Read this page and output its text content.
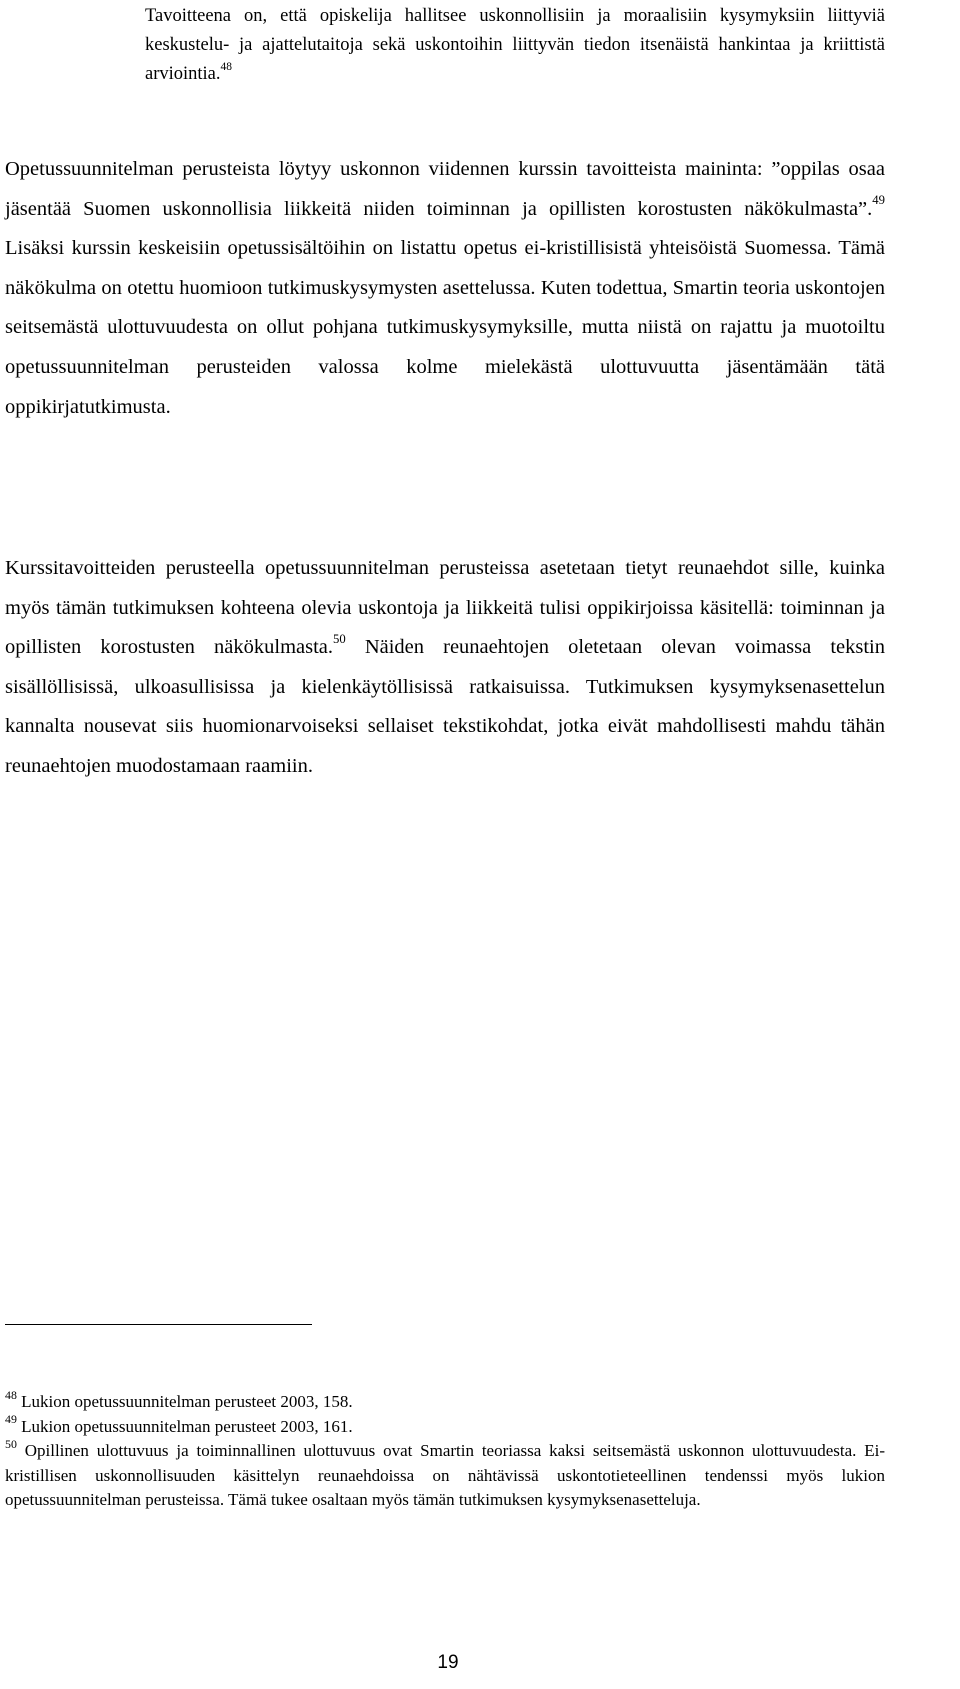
Tavoitteena on, että opiskelija hallitsee uskonnollisiin ja moraalisiin kysymyksiin liittyviä keskustelu- ja ajattelutaitoja sekä uskontoihin liittyvän tiedon itsenäistä hankintaa ja kriittistä arviointia.$^{48}$
Opetussuunnitelman perusteista löytyy uskonnon viidennen kurssin tavoitteista maininta: ”oppilas osaa jäsentää Suomen uskonnollisia liikkeitä niiden toiminnan ja opillisten korostusten näkökulmasta”.$^{49}$ Lisäksi kurssin keskeisiin opetussisältöihin on listattu opetus ei-kristillisistä yhteisöistä Suomessa. Tämä näkökulma on otettu huomioon tutkimuskysymysten asettelussa. Kuten todettua, Smartin teoria uskontojen seitsemästä ulottuvuudesta on ollut pohjana tutkimuskysymyksille, mutta niistä on rajattu ja muotoiltu opetussuunnitelman perusteiden valossa kolme mielekästä ulottuvuutta jäsentämään tätä oppikirjatutkimusta.
Kurssitavoitteiden perusteella opetussuunnitelman perusteissa asetetaan tietyt reunaehdot sille, kuinka myös tämän tutkimuksen kohteena olevia uskontoja ja liikkeitä tulisi oppikirjoissa käsitellä: toiminnan ja opillisten korostusten näkökulmasta.$^{50}$ Näiden reunaehtojen oletetaan olevan voimassa tekstin sisällöllisissä, ulkoasullisissa ja kielenkäytöllisissä ratkaisuissa. Tutkimuksen kysymyksenasettelun kannalta nousevat siis huomionarvoiseksi sellaiset tekstikohdat, jotka eivät mahdollisesti mahdu tähän reunaehtojen muodostamaan raamiin.
$^{48}$ Lukion opetussuunnitelman perusteet 2003, 158.
$^{49}$ Lukion opetussuunnitelman perusteet 2003, 161.
$^{50}$ Opillinen ulottuvuus ja toiminnallinen ulottuvuus ovat Smartin teoriassa kaksi seitsemästä uskonnon ulottuvuudesta. Ei-kristillisen uskonnollisuuden käsittelyn reunaehdoissa on nähtävissä uskontotieteellinen tendenssi myös lukion opetussuunnitelman perusteissa. Tämä tukee osaltaan myös tämän tutkimuksen kysymyksenasetteluja.
19
